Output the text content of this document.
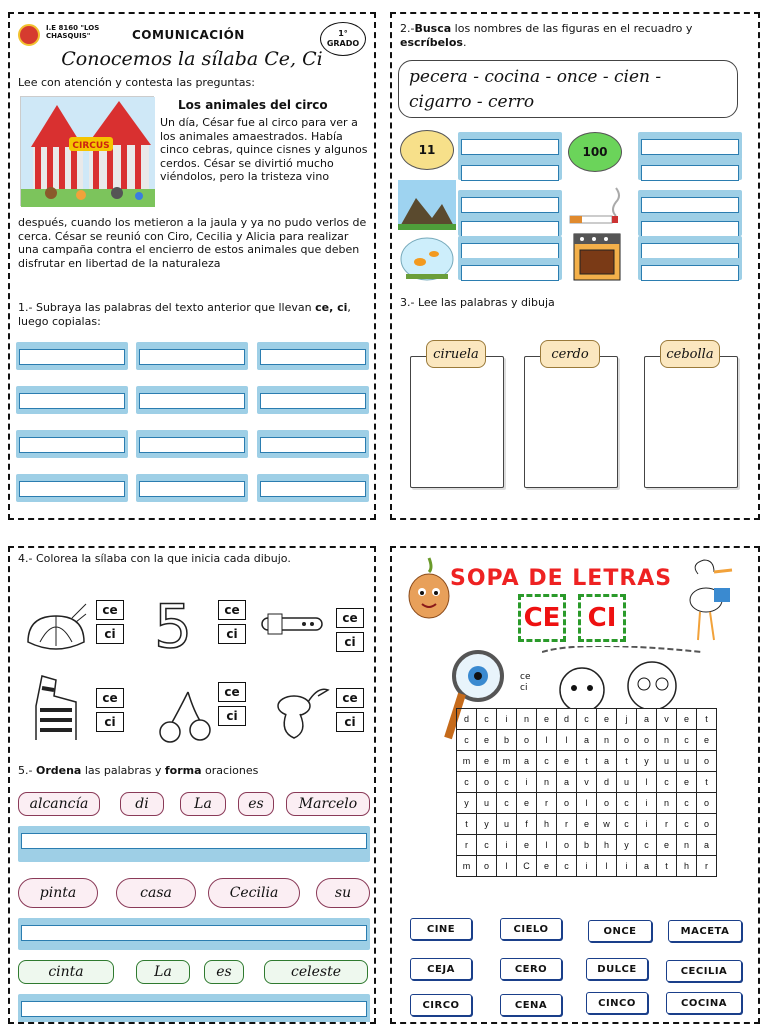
I.E 8160 "LOS CHASQUIS"	COMUNICACIÓN	1°
GRADO
Conocemos la sílaba Ce, Ci
Lee con atención y contesta las preguntas:
CIRCUS
Los animales del circo
Un día, César fue al circo para ver a los animales amaestrados. Había cinco cebras, quince cisnes y algunos cerdos. César se divirtió mucho viéndolos, pero la tristeza vino
después, cuando los metieron a la jaula y ya no pudo verlos de cerca. César se reunió con Ciro, Cecilia y Alicia para realizar una campaña contra el encierro de estos animales que deben disfrutar en libertad de la naturaleza
1.- Subraya las palabras del texto anterior que llevan ce, ci, luego copialas:
2.-Busca los nombres de las figuras en el recuadro y escríbelos.
pecera - cocina - once - cien - cigarro - cerro
11	100
3.- Lee las palabras y dibuja
ciruela	cerdo	cebolla
4.- Colorea la sílaba con la que inicia cada dibujo.
ce
ci 5	ce
ci
ce
ci
ce
ci
ce
ci
ce
ci
5.- Ordena las palabras y forma oraciones
alcancía	di	La	es	Marcelo
pinta	casa	Cecilia	su
cinta	La	es	celeste
SOPA DE LETRAS
CE	CI
ce
ci
d	c	i	n	e	d	c	e	j	a	v	e	t
c	e	b	o	l	l	a	n	o	o	n	c	e
m	e	m	a	c	e	t	a	t	y	u	u	o
c	o	c	i	n	a	v	d	u	l	c	e	t
y	u	c	e	r	o	l	o	c	i	n	c	o
t	y	u	f	h	r	e	w	c	i	r	c	o
r	c	i	e	l	o	b	h	y	c	e	n	a
m	o	l	C	e	c	i	l	i	a	t	h	r
CINE	CIELO	ONCE	MACETA
CEJA	CERO	DULCE	CECILIA
CIRCO	CENA	CINCO	COCINA
